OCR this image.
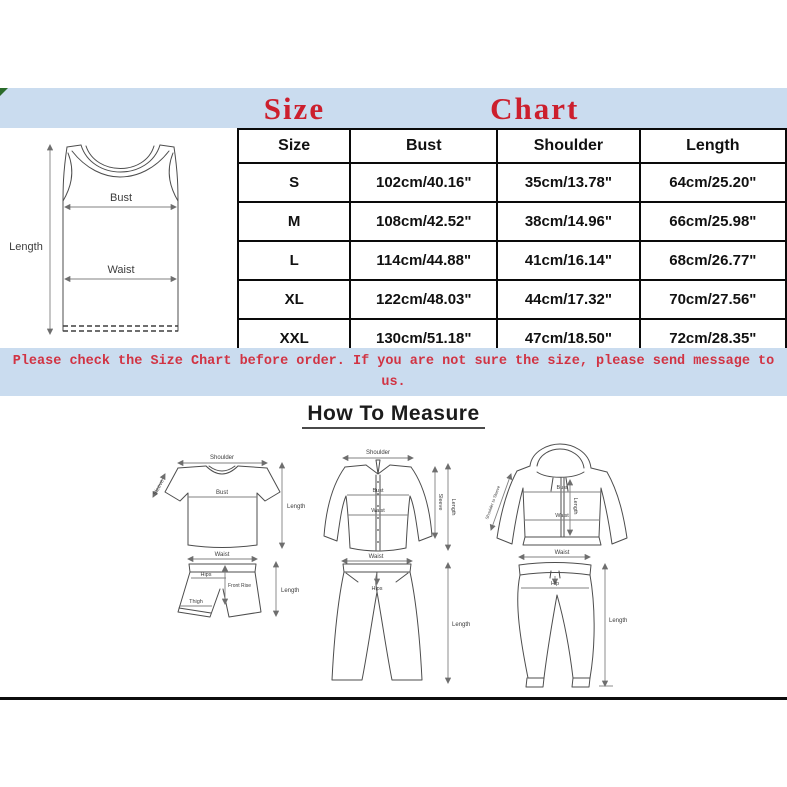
Size	Chart
Length
Bust
Waist
Size	Bust	Shoulder	Length
S	102cm/40.16"	35cm/13.78"	64cm/25.20"
M	108cm/42.52"	38cm/14.96"	66cm/25.98"
L	114cm/44.88"	41cm/16.14"	68cm/26.77"
XL	122cm/48.03"	44cm/17.32"	70cm/27.56"
XXL	130cm/51.18"	47cm/18.50"	72cm/28.35"
Please check the Size Chart before order. If you are not sure the size, please send message to us.
How To Measure
Shoulder
Bust
Sleeve
Length
Waist
Hips
Front Rise
Thigh
Length
Shoulder
Bust
Waist
Sleeve Length
Waist
Hips
Length
Bust
Waist
Length
Shoulder to Sleeve
Waist
Hip
Length
